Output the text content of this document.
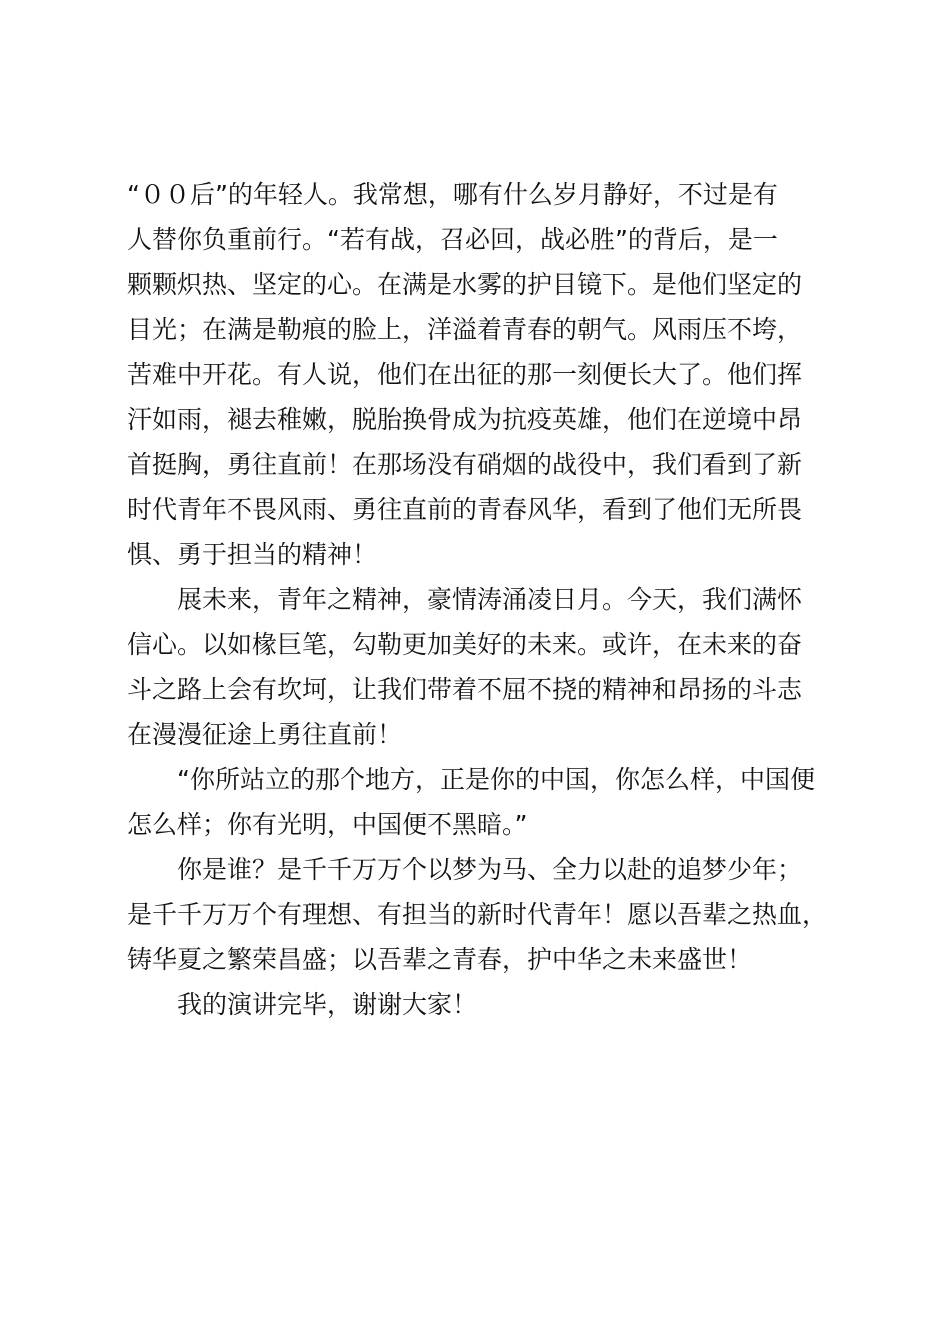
“００后”的年轻人。我常想，哪有什么岁月静好，不过是有
人替你负重前行。“若有战，召必回，战必胜”的背后，是一
颗颗炽热、坚定的心。在满是水雾的护目镜下。是他们坚定的
目光；在满是勒痕的脸上，洋溢着青春的朝气。风雨压不垮，
苦难中开花。有人说，他们在出征的那一刻便长大了。他们挥
汗如雨，褪去稚嫩，脱胎换骨成为抗疫英雄，他们在逆境中昂
首挺胸，勇往直前！在那场没有硝烟的战役中，我们看到了新
时代青年不畏风雨、勇往直前的青春风华，看到了他们无所畏
惧、勇于担当的精神！

展未来，青年之精神，豪情涛涌凌日月。今天，我们满怀
信心。以如椽巨笔，勾勒更加美好的未来。或许，在未来的奋
斗之路上会有坎坷，让我们带着不屈不挠的精神和昂扬的斗志
在漫漫征途上勇往直前！

“你所站立的那个地方，正是你的中国，你怎么样，中国便
怎么样；你有光明，中国便不黑暗。”

你是谁？是千千万万个以梦为马、全力以赴的追梦少年；
是千千万万个有理想、有担当的新时代青年！愿以吾辈之热血，
铸华夏之繁荣昌盛；以吾辈之青春，护中华之未来盛世！

我的演讲完毕，谢谢大家！
